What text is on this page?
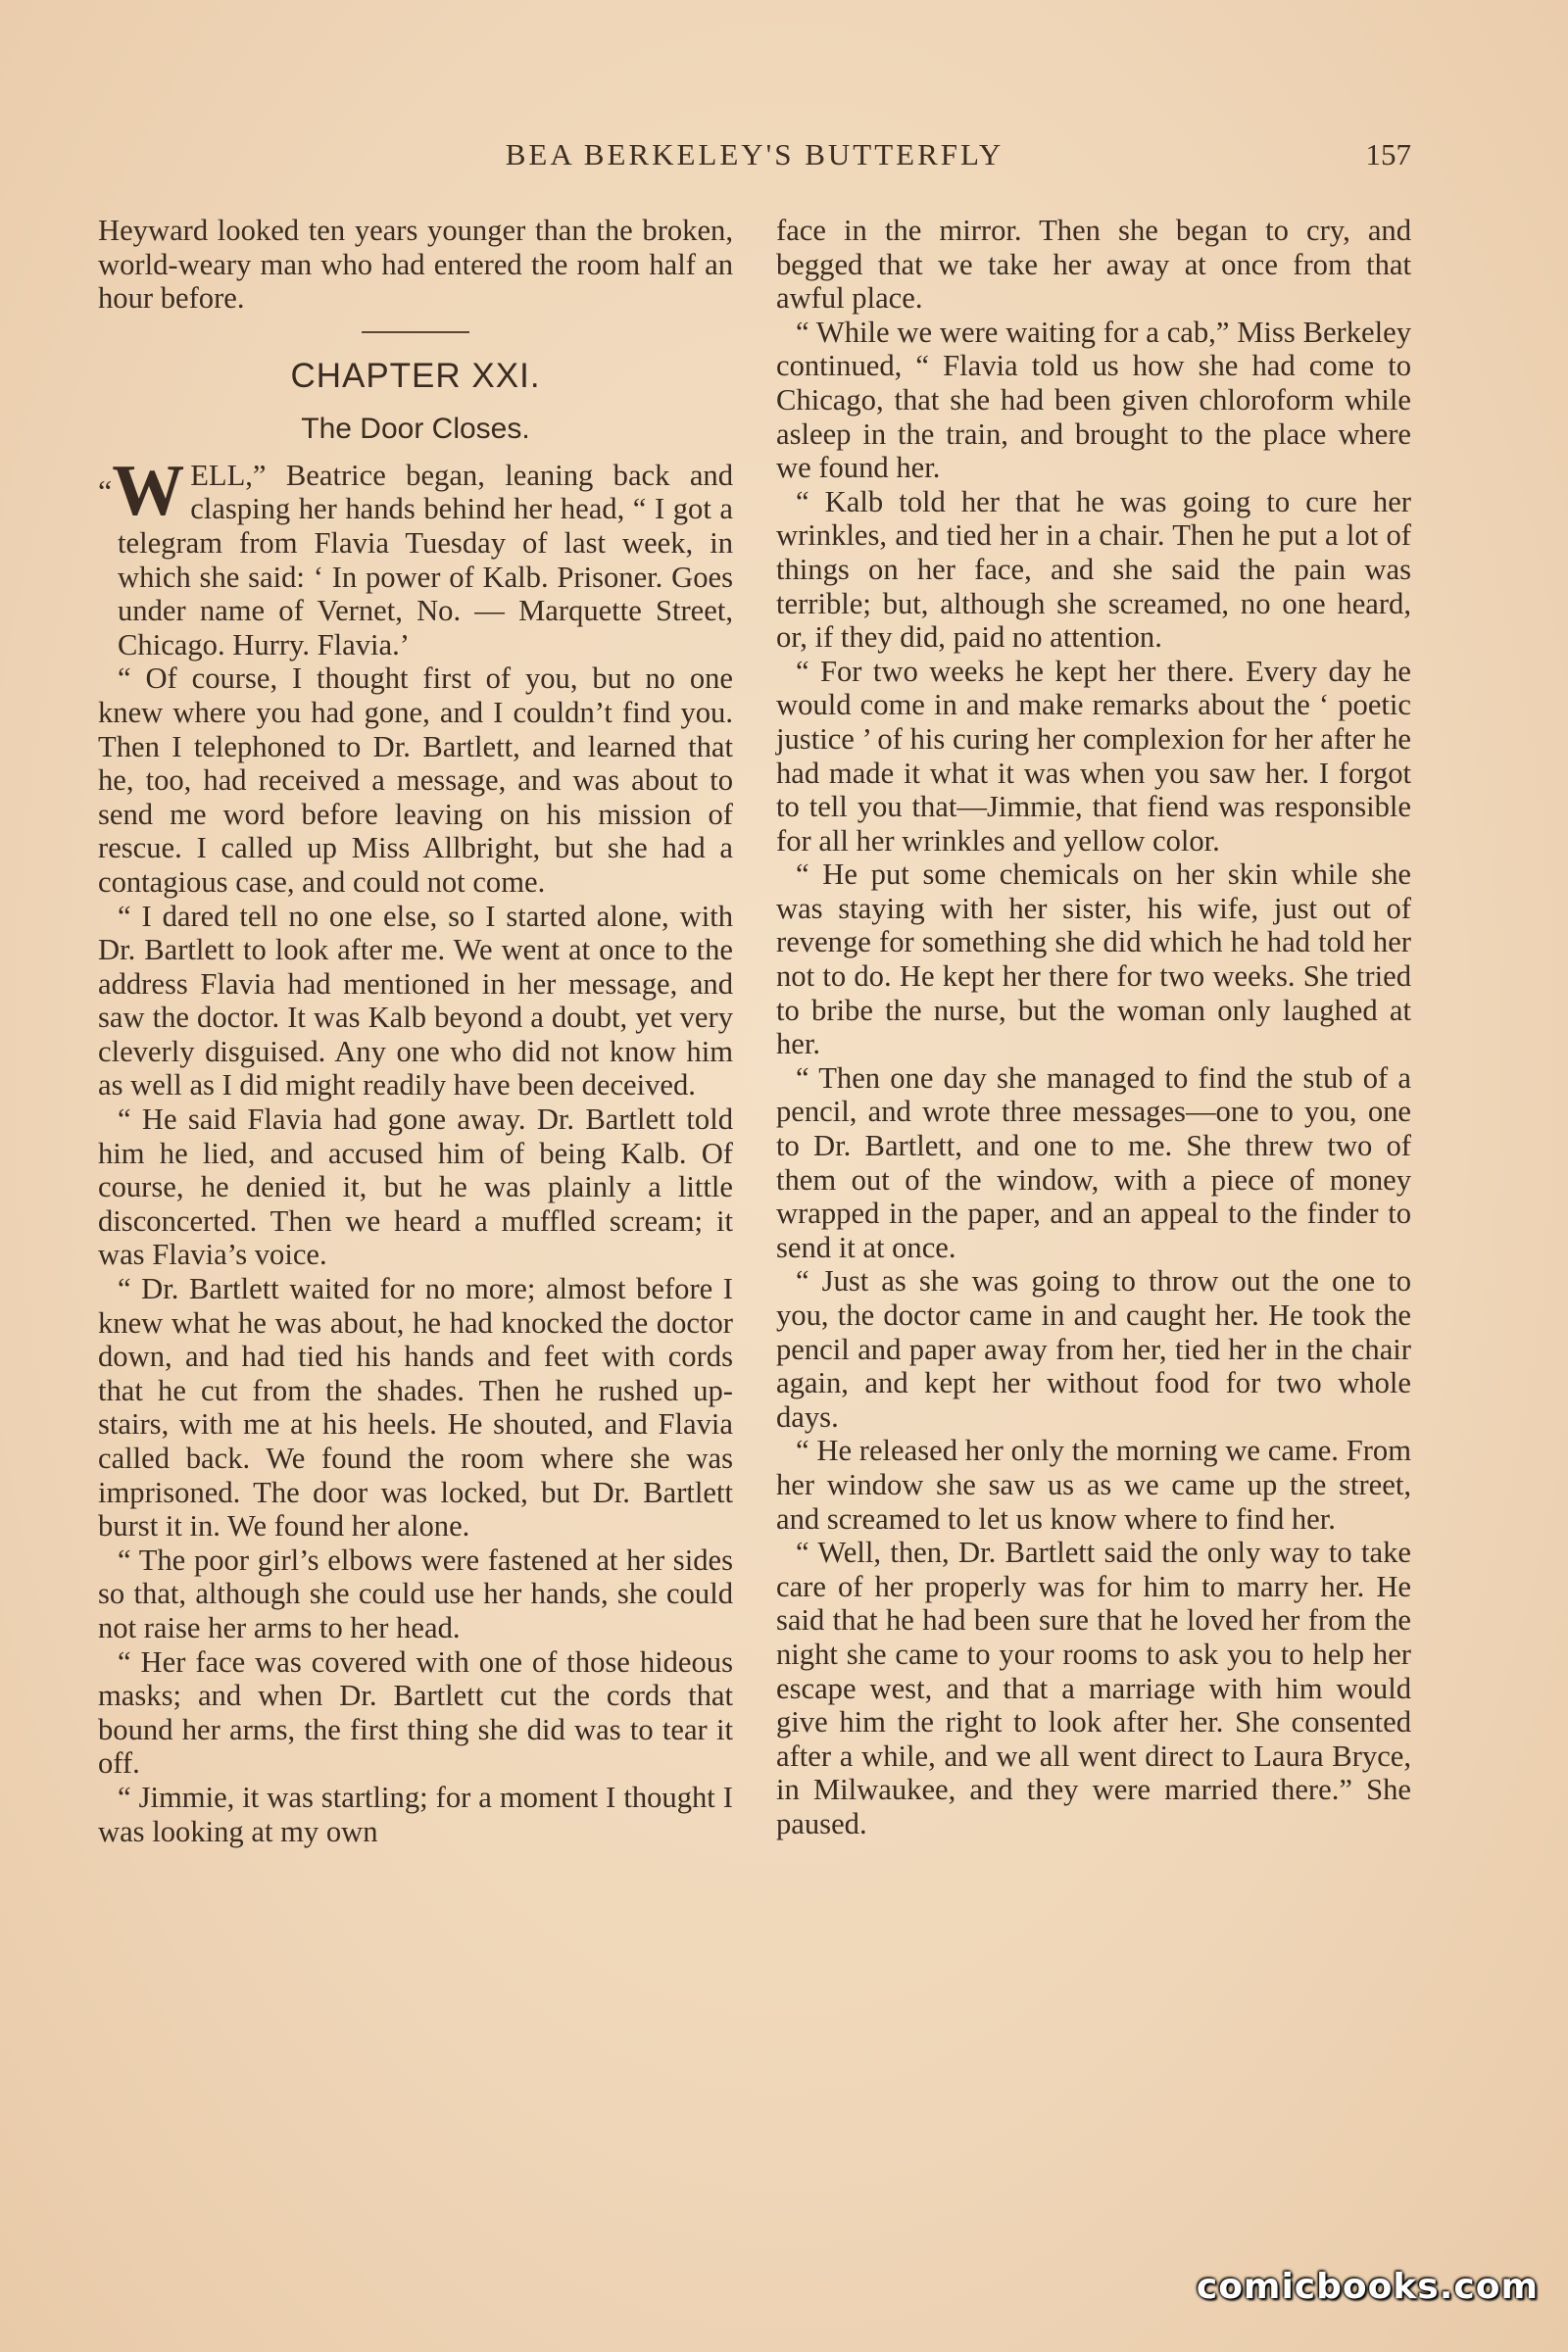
BEA BERKELEY'S BUTTERFLY	157

Heyward looked ten years younger than the broken, world-weary man who had entered the room half an hour before.

CHAPTER XXI.
The Door Closes.

“W ELL,” Beatrice began, leaning back and clasping her hands behind her head, “ I got a telegram from Flavia Tuesday of last week, in which she said: ‘ In power of Kalb. Prisoner. Goes under name of Vernet, No. — Marquette Street, Chicago. Hurry. Flavia.’

“ Of course, I thought first of you, but no one knew where you had gone, and I couldn’t find you. Then I telephoned to Dr. Bartlett, and learned that he, too, had received a message, and was about to send me word before leaving on his mission of rescue. I called up Miss Allbright, but she had a contagious case, and could not come.

“ I dared tell no one else, so I started alone, with Dr. Bartlett to look after me. We went at once to the address Flavia had mentioned in her message, and saw the doctor. It was Kalb beyond a doubt, yet very cleverly disguised. Any one who did not know him as well as I did might readily have been deceived.

“ He said Flavia had gone away. Dr. Bartlett told him he lied, and accused him of being Kalb. Of course, he denied it, but he was plainly a little disconcerted. Then we heard a muffled scream; it was Flavia’s voice.

“ Dr. Bartlett waited for no more; almost before I knew what he was about, he had knocked the doctor down, and had tied his hands and feet with cords that he cut from the shades. Then he rushed up-stairs, with me at his heels. He shouted, and Flavia called back. We found the room where she was imprisoned. The door was locked, but Dr. Bartlett burst it in. We found her alone.

“ The poor girl’s elbows were fastened at her sides so that, although she could use her hands, she could not raise her arms to her head.

“ Her face was covered with one of those hideous masks; and when Dr. Bartlett cut the cords that bound her arms, the first thing she did was to tear it off.

“ Jimmie, it was startling; for a moment I thought I was looking at my own

face in the mirror. Then she began to cry, and begged that we take her away at once from that awful place.

“ While we were waiting for a cab,” Miss Berkeley continued, “ Flavia told us how she had come to Chicago, that she had been given chloroform while asleep in the train, and brought to the place where we found her.

“ Kalb told her that he was going to cure her wrinkles, and tied her in a chair. Then he put a lot of things on her face, and she said the pain was terrible; but, although she screamed, no one heard, or, if they did, paid no attention.

“ For two weeks he kept her there. Every day he would come in and make remarks about the ‘ poetic justice ’ of his curing her complexion for her after he had made it what it was when you saw her. I forgot to tell you that—Jimmie, that fiend was responsible for all her wrinkles and yellow color.

“ He put some chemicals on her skin while she was staying with her sister, his wife, just out of revenge for something she did which he had told her not to do. He kept her there for two weeks. She tried to bribe the nurse, but the woman only laughed at her.

“ Then one day she managed to find the stub of a pencil, and wrote three messages—one to you, one to Dr. Bartlett, and one to me. She threw two of them out of the window, with a piece of money wrapped in the paper, and an appeal to the finder to send it at once.

“ Just as she was going to throw out the one to you, the doctor came in and caught her. He took the pencil and paper away from her, tied her in the chair again, and kept her without food for two whole days.

“ He released her only the morning we came. From her window she saw us as we came up the street, and screamed to let us know where to find her.

“ Well, then, Dr. Bartlett said the only way to take care of her properly was for him to marry her. He said that he had been sure that he loved her from the night she came to your rooms to ask you to help her escape west, and that a marriage with him would give him the right to look after her. She consented after a while, and we all went direct to Laura Bryce, in Milwaukee, and they were married there.” She paused.

comicbooks.com
